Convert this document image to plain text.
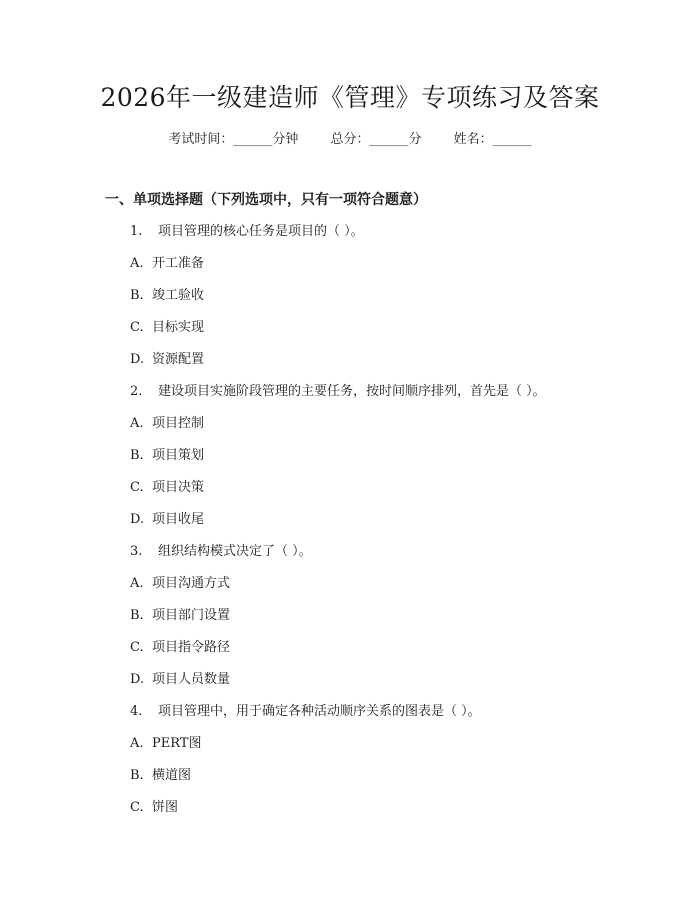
2026年一级建造师《管理》专项练习及答案
考试时间：______分钟 总分：______分 姓名：______
一、单项选择题（下列选项中，只有一项符合题意）
1. 项目管理的核心任务是项目的（ ）。
A. 开工准备
B. 竣工验收
C. 目标实现
D. 资源配置
2. 建设项目实施阶段管理的主要任务，按时间顺序排列，首先是（ ）。
A. 项目控制
B. 项目策划
C. 项目决策
D. 项目收尾
3. 组织结构模式决定了（ ）。
A. 项目沟通方式
B. 项目部门设置
C. 项目指令路径
D. 项目人员数量
4. 项目管理中，用于确定各种活动顺序关系的图表是（ ）。
A. PERT图
B. 横道图
C. 饼图
